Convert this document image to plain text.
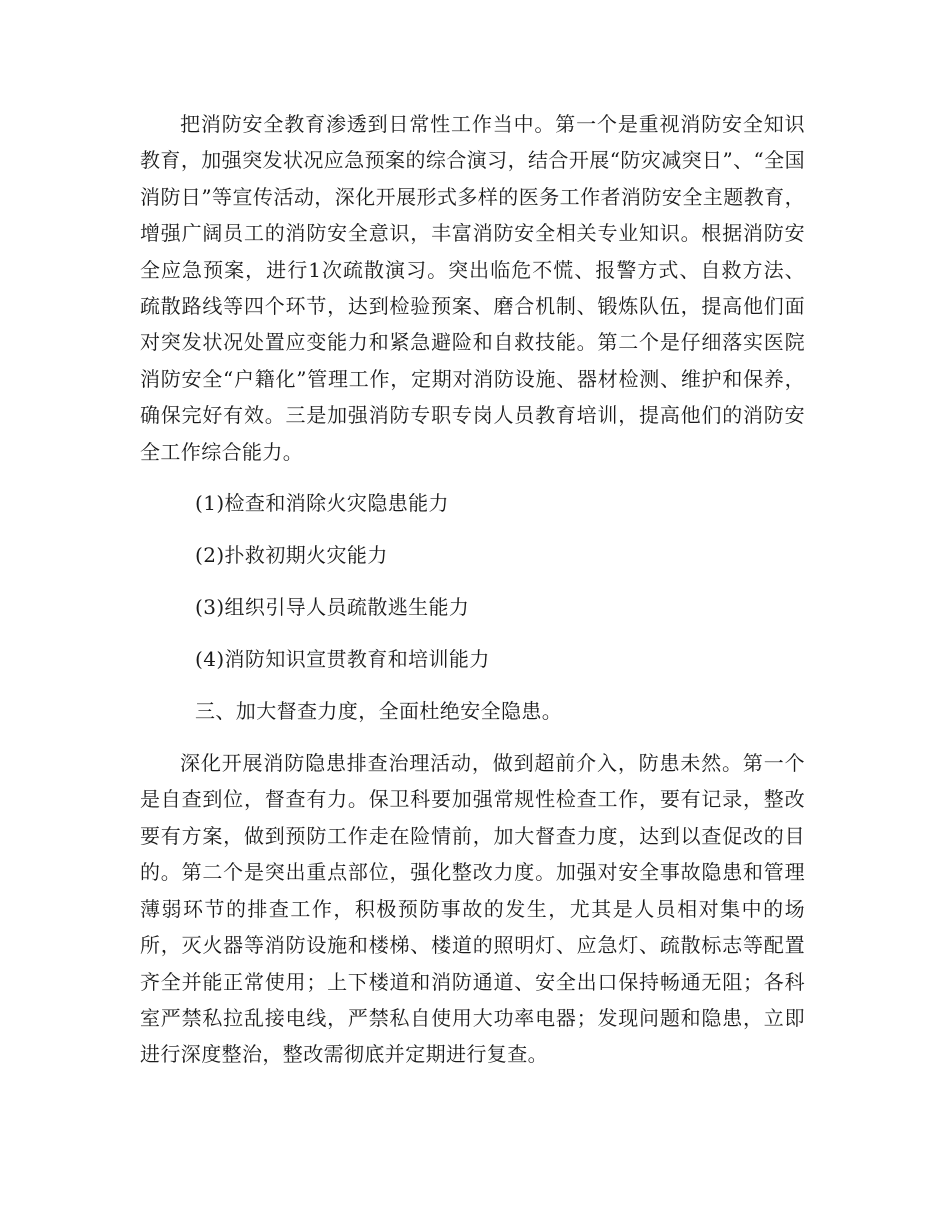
把消防安全教育渗透到日常性工作当中。第一个是重视消防安全知识教育，加强突发状况应急预案的综合演习，结合开展“防灾减突日”、“全国消防日”等宣传活动，深化开展形式多样的医务工作者消防安全主题教育，增强广阔员工的消防安全意识，丰富消防安全相关专业知识。根据消防安全应急预案，进行1次疏散演习。突出临危不慌、报警方式、自救方法、疏散路线等四个环节，达到检验预案、磨合机制、锻炼队伍，提高他们面对突发状况处置应变能力和紧急避险和自救技能。第二个是仔细落实医院消防安全“户籍化”管理工作，定期对消防设施、器材检测、维护和保养，确保完好有效。三是加强消防专职专岗人员教育培训，提高他们的消防安全工作综合能力。

(1)检查和消除火灾隐患能力

(2)扑救初期火灾能力

(3)组织引导人员疏散逃生能力

(4)消防知识宣贯教育和培训能力

三、加大督查力度，全面杜绝安全隐患。

深化开展消防隐患排查治理活动，做到超前介入，防患未然。第一个是自查到位，督查有力。保卫科要加强常规性检查工作，要有记录，整改要有方案，做到预防工作走在险情前，加大督查力度，达到以查促改的目的。第二个是突出重点部位，强化整改力度。加强对安全事故隐患和管理薄弱环节的排查工作，积极预防事故的发生，尤其是人员相对集中的场所，灭火器等消防设施和楼梯、楼道的照明灯、应急灯、疏散标志等配置齐全并能正常使用；上下楼道和消防通道、安全出口保持畅通无阻；各科室严禁私拉乱接电线，严禁私自使用大功率电器；发现问题和隐患，立即进行深度整治，整改需彻底并定期进行复查。
